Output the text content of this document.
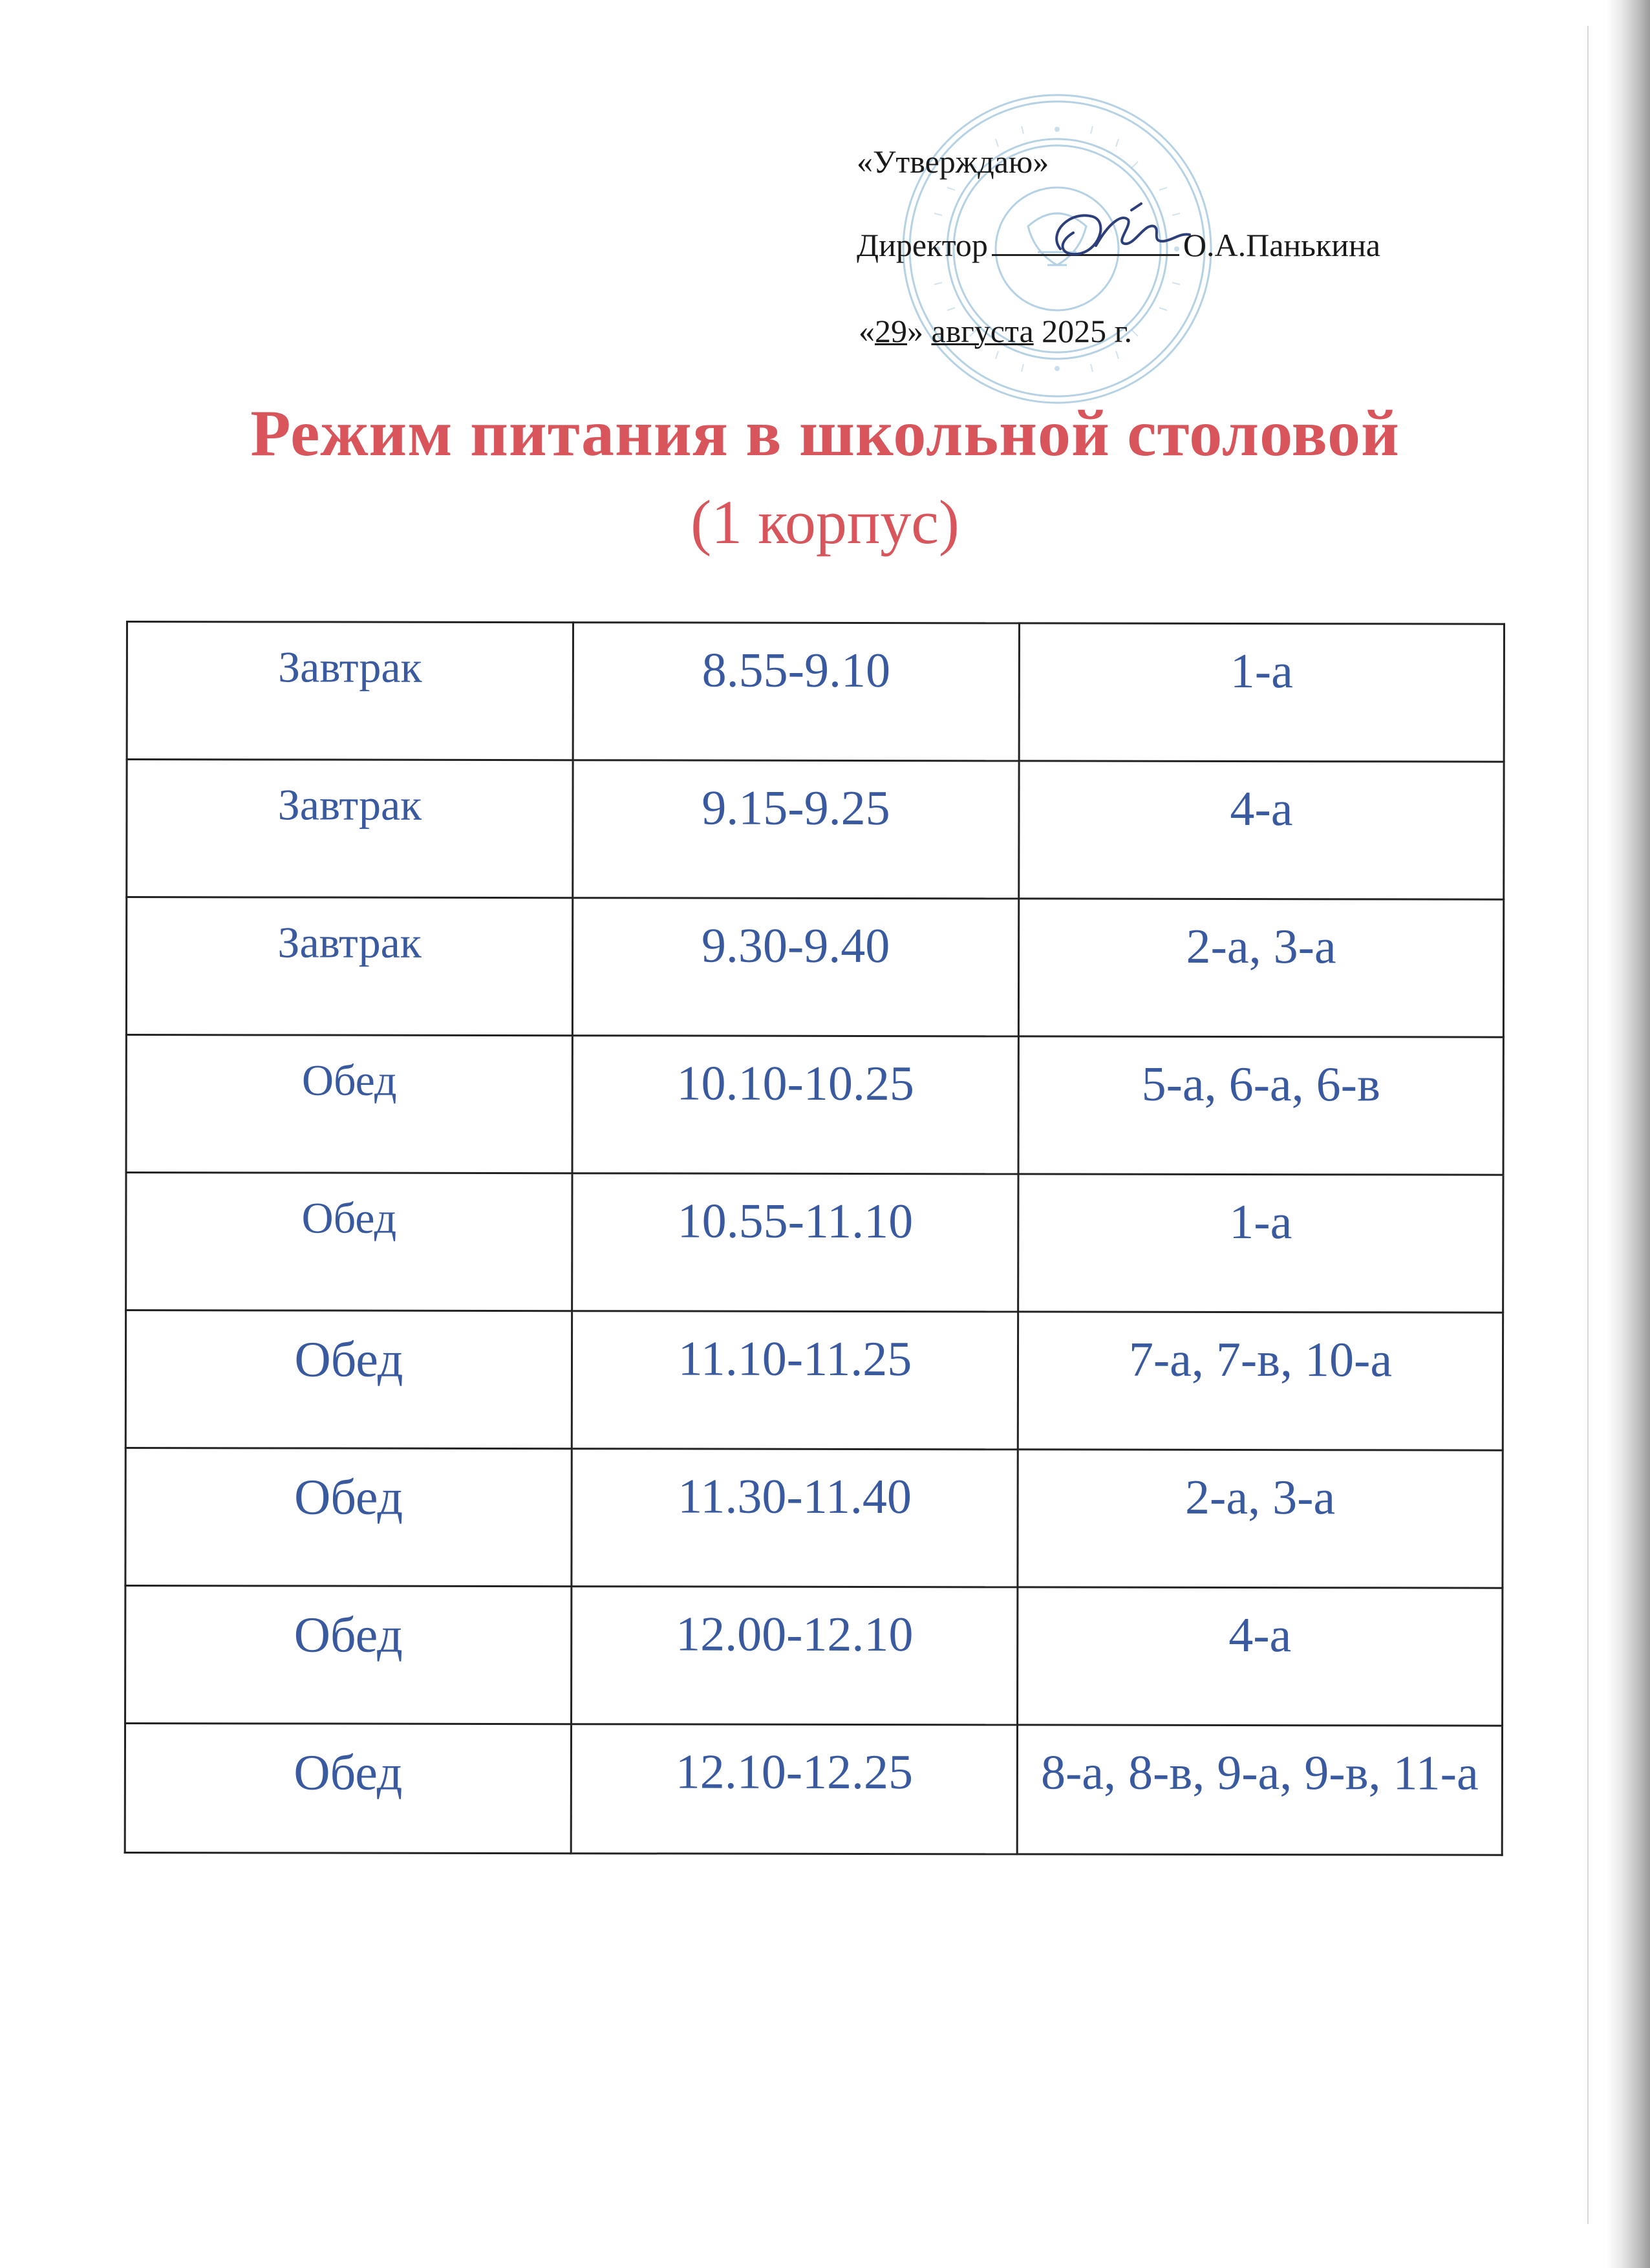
«Утверждаю»
Директор	О.А.Панькина
«29» августа 2025 г.
Режим питания в школьной столовой
(1 корпус)
Завтрак	8.55-9.10	1-а
Завтрак	9.15-9.25	4-а
Завтрак	9.30-9.40	2-а, 3-а
Обед	10.10-10.25	5-а, 6-а, 6-в
Обед	10.55-11.10	1-а
Обед	11.10-11.25	7-а, 7-в, 10-а
Обед	11.30-11.40	2-а, 3-а
Обед	12.00-12.10	4-а
Обед	12.10-12.25	8-а, 8-в, 9-а, 9-в, 11-а
